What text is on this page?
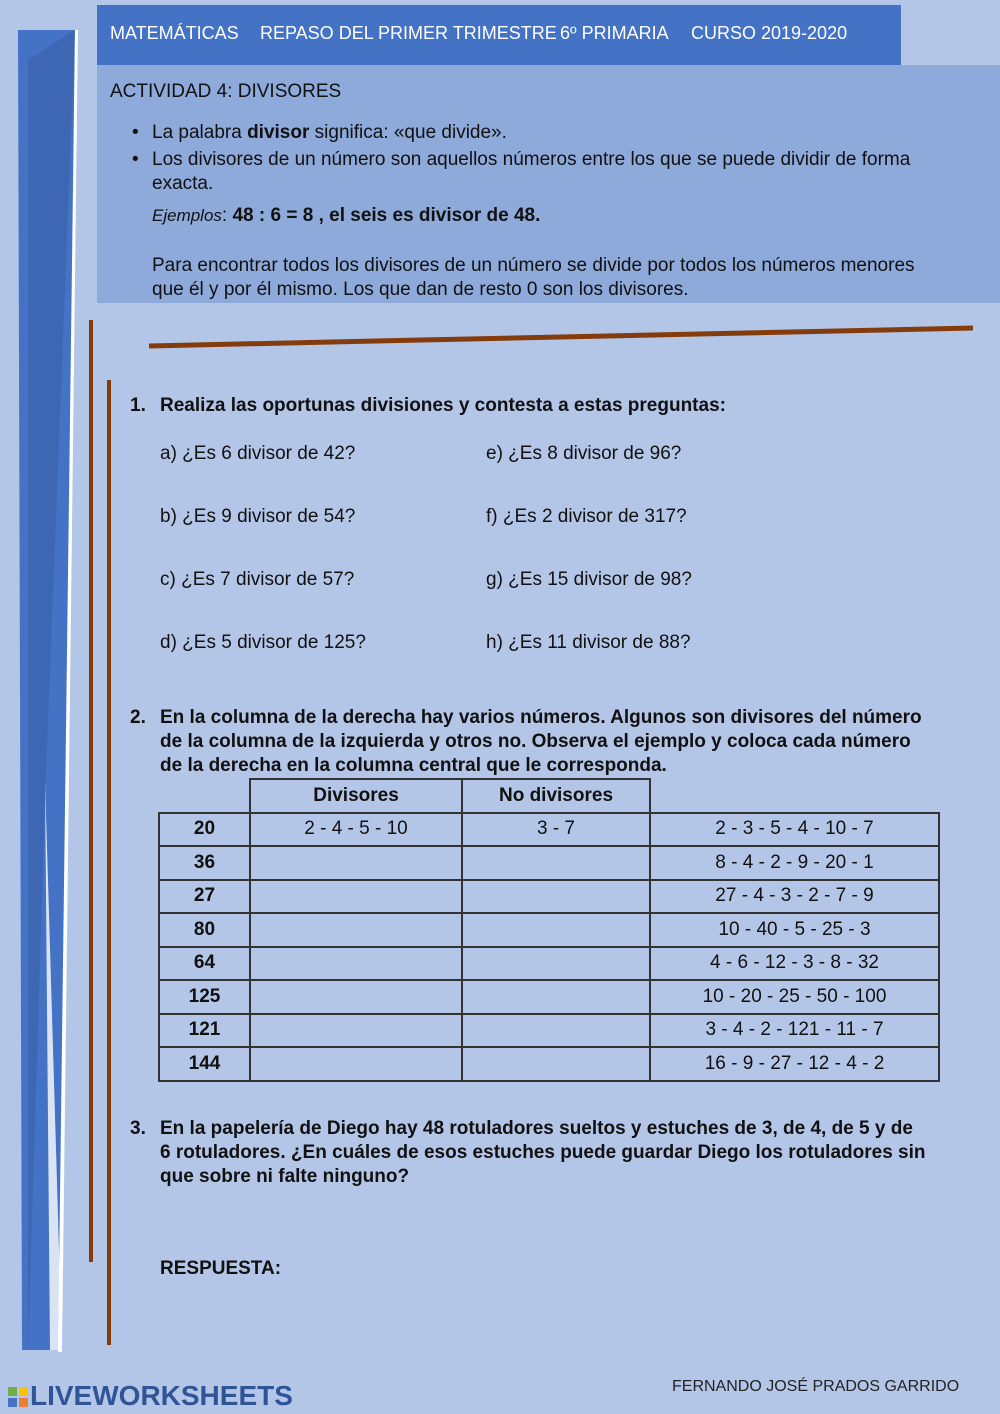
MATEMÁTICAS REPASO DEL PRIMER TRIMESTRE 6º PRIMARIA CURSO 2019-2020
ACTIVIDAD 4: DIVISORES
• La palabra divisor significa: «que divide».
• Los divisores de un número son aquellos números entre los que se puede dividir de forma
exacta.
Ejemplos: 48 : 6 = 8 , el seis es divisor de 48.
Para encontrar todos los divisores de un número se divide por todos los números menores
que él y por él mismo. Los que dan de resto 0 son los divisores.
1. Realiza las oportunas divisiones y contesta a estas preguntas:
a) ¿Es 6 divisor de 42?
b) ¿Es 9 divisor de 54?
c) ¿Es 7 divisor de 57?
d) ¿Es 5 divisor de 125?
e) ¿Es 8 divisor de 96?
f) ¿Es 2 divisor de 317?
g) ¿Es 15 divisor de 98?
h) ¿Es 11 divisor de 88?
2. En la columna de la derecha hay varios números. Algunos son divisores del número
de la columna de la izquierda y otros no. Observa el ejemplo y coloca cada número
de la derecha en la columna central que le corresponda.
	Divisores	No divisores	
20	2 - 4 - 5 - 10	3 - 7	2 - 3 - 5 - 4 - 10 - 7
36			8 - 4 - 2 - 9 - 20 - 1
27			27 - 4 - 3 - 2 - 7 - 9
80			10 - 40 - 5 - 25 - 3
64			4 - 6 - 12 - 3 - 8 - 32
125			10 - 20 - 25 - 50 - 100
121			3 - 4 - 2 - 121 - 11 - 7
144			16 - 9 - 27 - 12 - 4 - 2
3. En la papelería de Diego hay 48 rotuladores sueltos y estuches de 3, de 4, de 5 y de
6 rotuladores. ¿En cuáles de esos estuches puede guardar Diego los rotuladores sin
que sobre ni falte ninguno?
RESPUESTA:
LIVEWORKSHEETS	FERNANDO JOSÉ PRADOS GARRIDO
